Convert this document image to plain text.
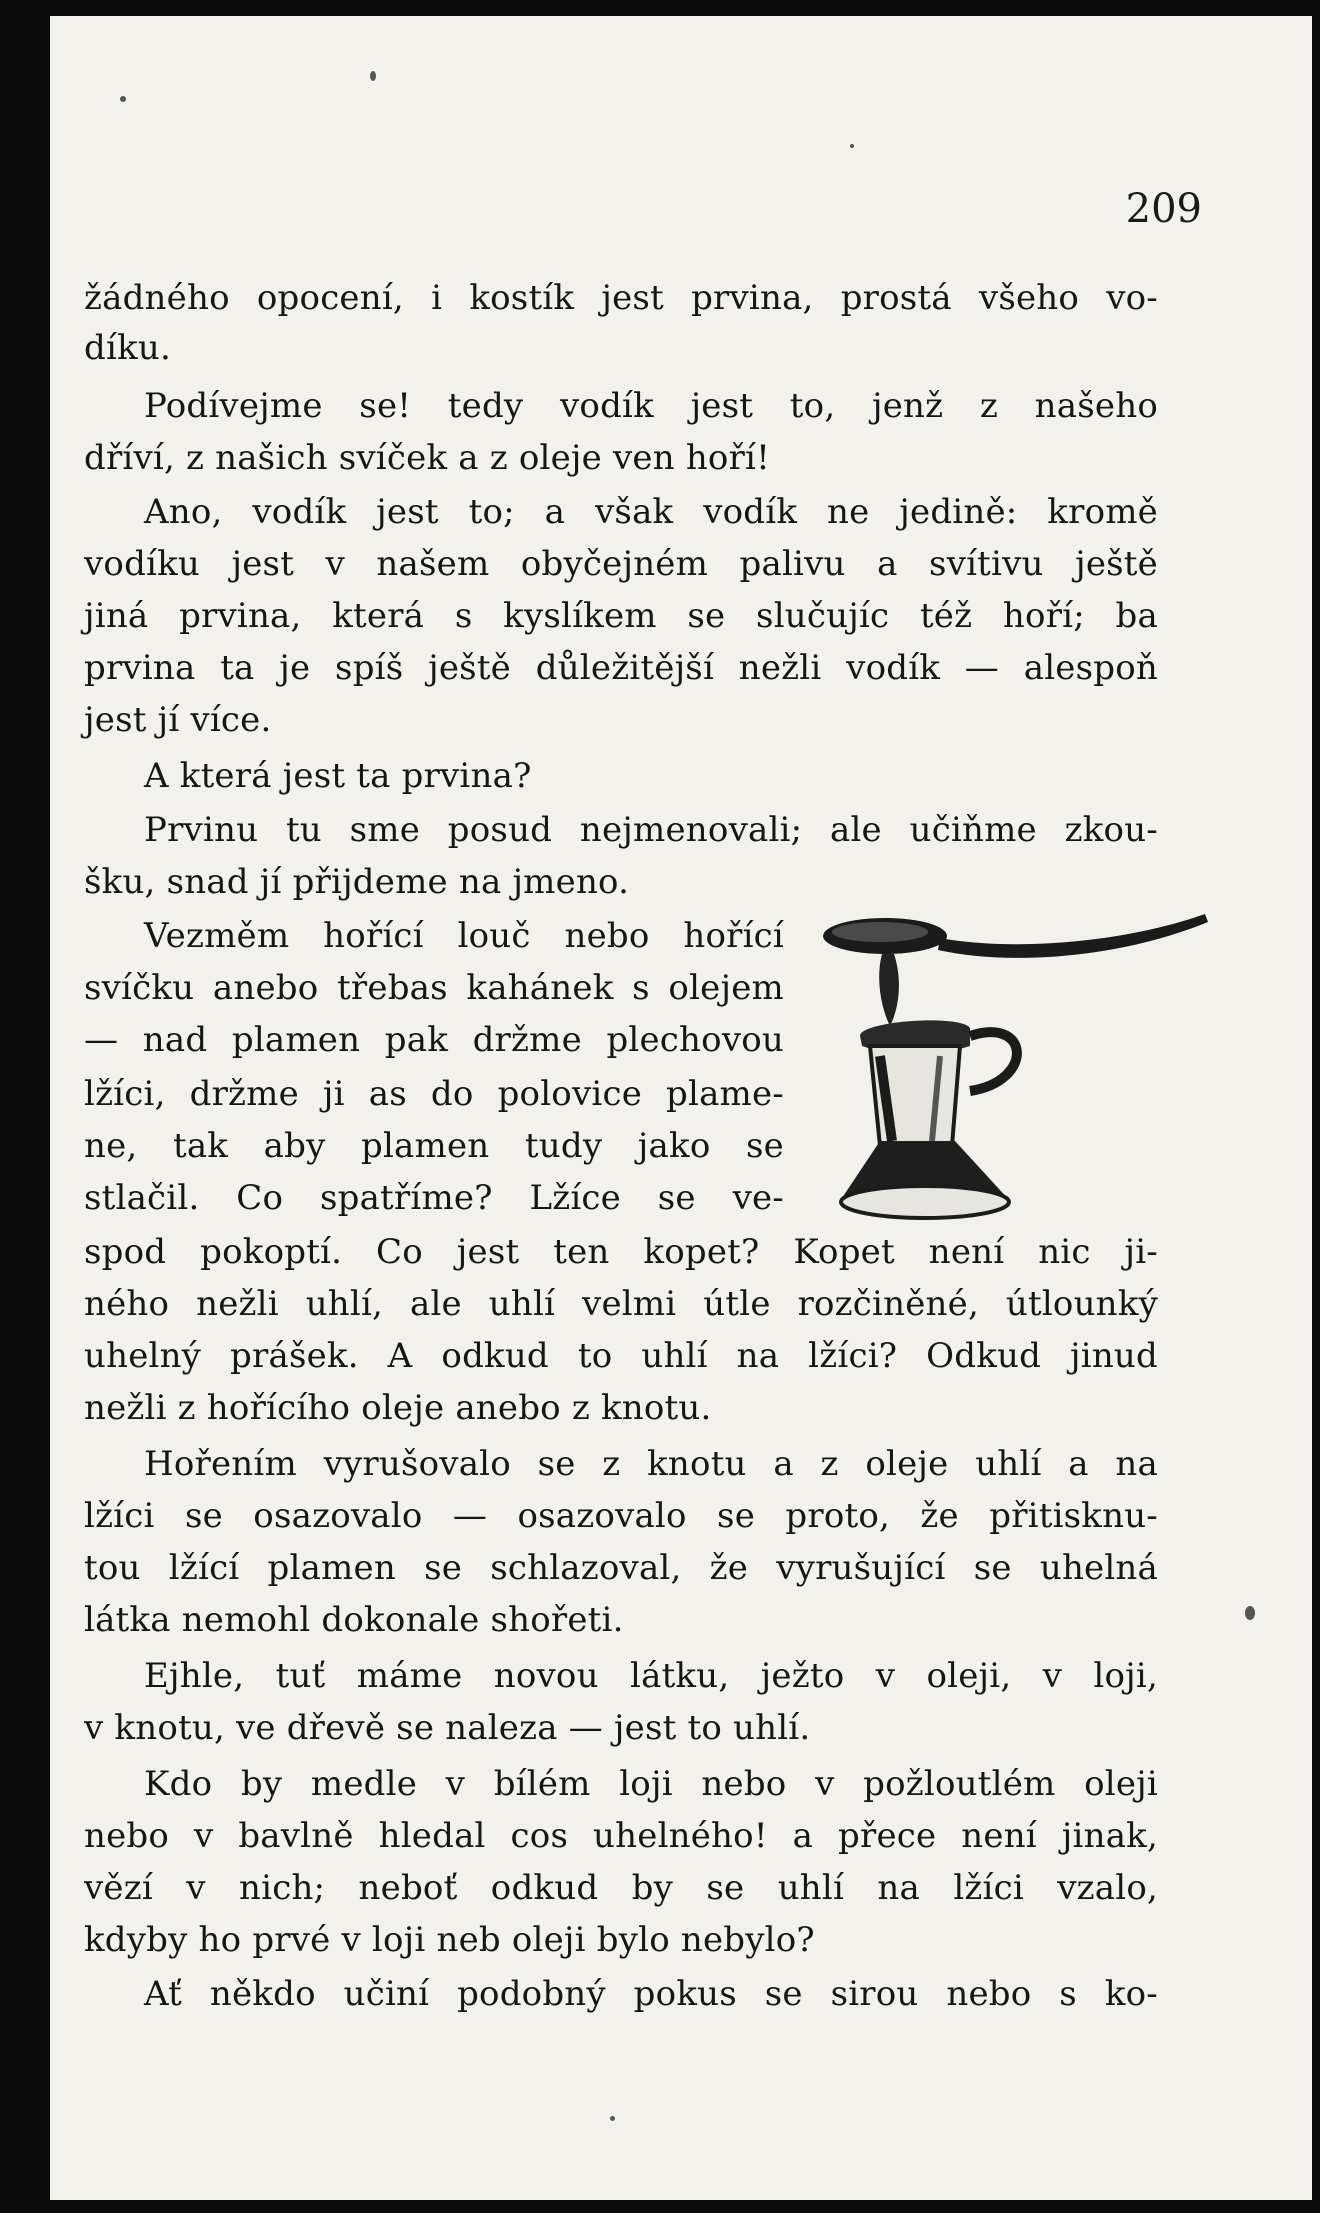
209
žádného opocení, i kostík jest prvina, prostá všeho vo-
díku.
Podívejme se! tedy vodík jest to, jenž z našeho
dříví, z našich svíček a z oleje ven hoří!
Ano, vodík jest to; a však vodík ne jedině: kromě
vodíku jest v našem obyčejném palivu a svítivu ještě
jiná prvina, která s kyslíkem se slučujíc též hoří; ba
prvina ta je spíš ještě důležitější nežli vodík — alespoň
jest jí více.
A která jest ta prvina?
Prvinu tu sme posud nejmenovali; ale učiňme zkou-
šku, snad jí přijdeme na jmeno.
Vezměm hořící louč nebo hořící
svíčku anebo třebas kahánek s olejem
— nad plamen pak držme plechovou
lžíci, držme ji as do polovice plame-
ne, tak aby plamen tudy jako se
stlačil. Co spatříme? Lžíce se ve-
spod pokoptí. Co jest ten kopet? Kopet není nic ji-
ného nežli uhlí, ale uhlí velmi útle rozčiněné, útlounký
uhelný prášek. A odkud to uhlí na lžíci? Odkud jinud
nežli z hořícího oleje anebo z knotu.
Hořením vyrušovalo se z knotu a z oleje uhlí a na
lžíci se osazovalo — osazovalo se proto, že přitisknu-
tou lžící plamen se schlazoval, že vyrušující se uhelná
látka nemohl dokonale shořeti.
Ejhle, tuť máme novou látku, ježto v oleji, v loji,
v knotu, ve dřevě se naleza — jest to uhlí.
Kdo by medle v bílém loji nebo v požloutlém oleji
nebo v bavlně hledal cos uhelného! a přece není jinak,
vězí v nich; neboť odkud by se uhlí na lžíci vzalo,
kdyby ho prvé v loji neb oleji bylo nebylo?
Ať někdo učiní podobný pokus se sirou nebo s ko-
